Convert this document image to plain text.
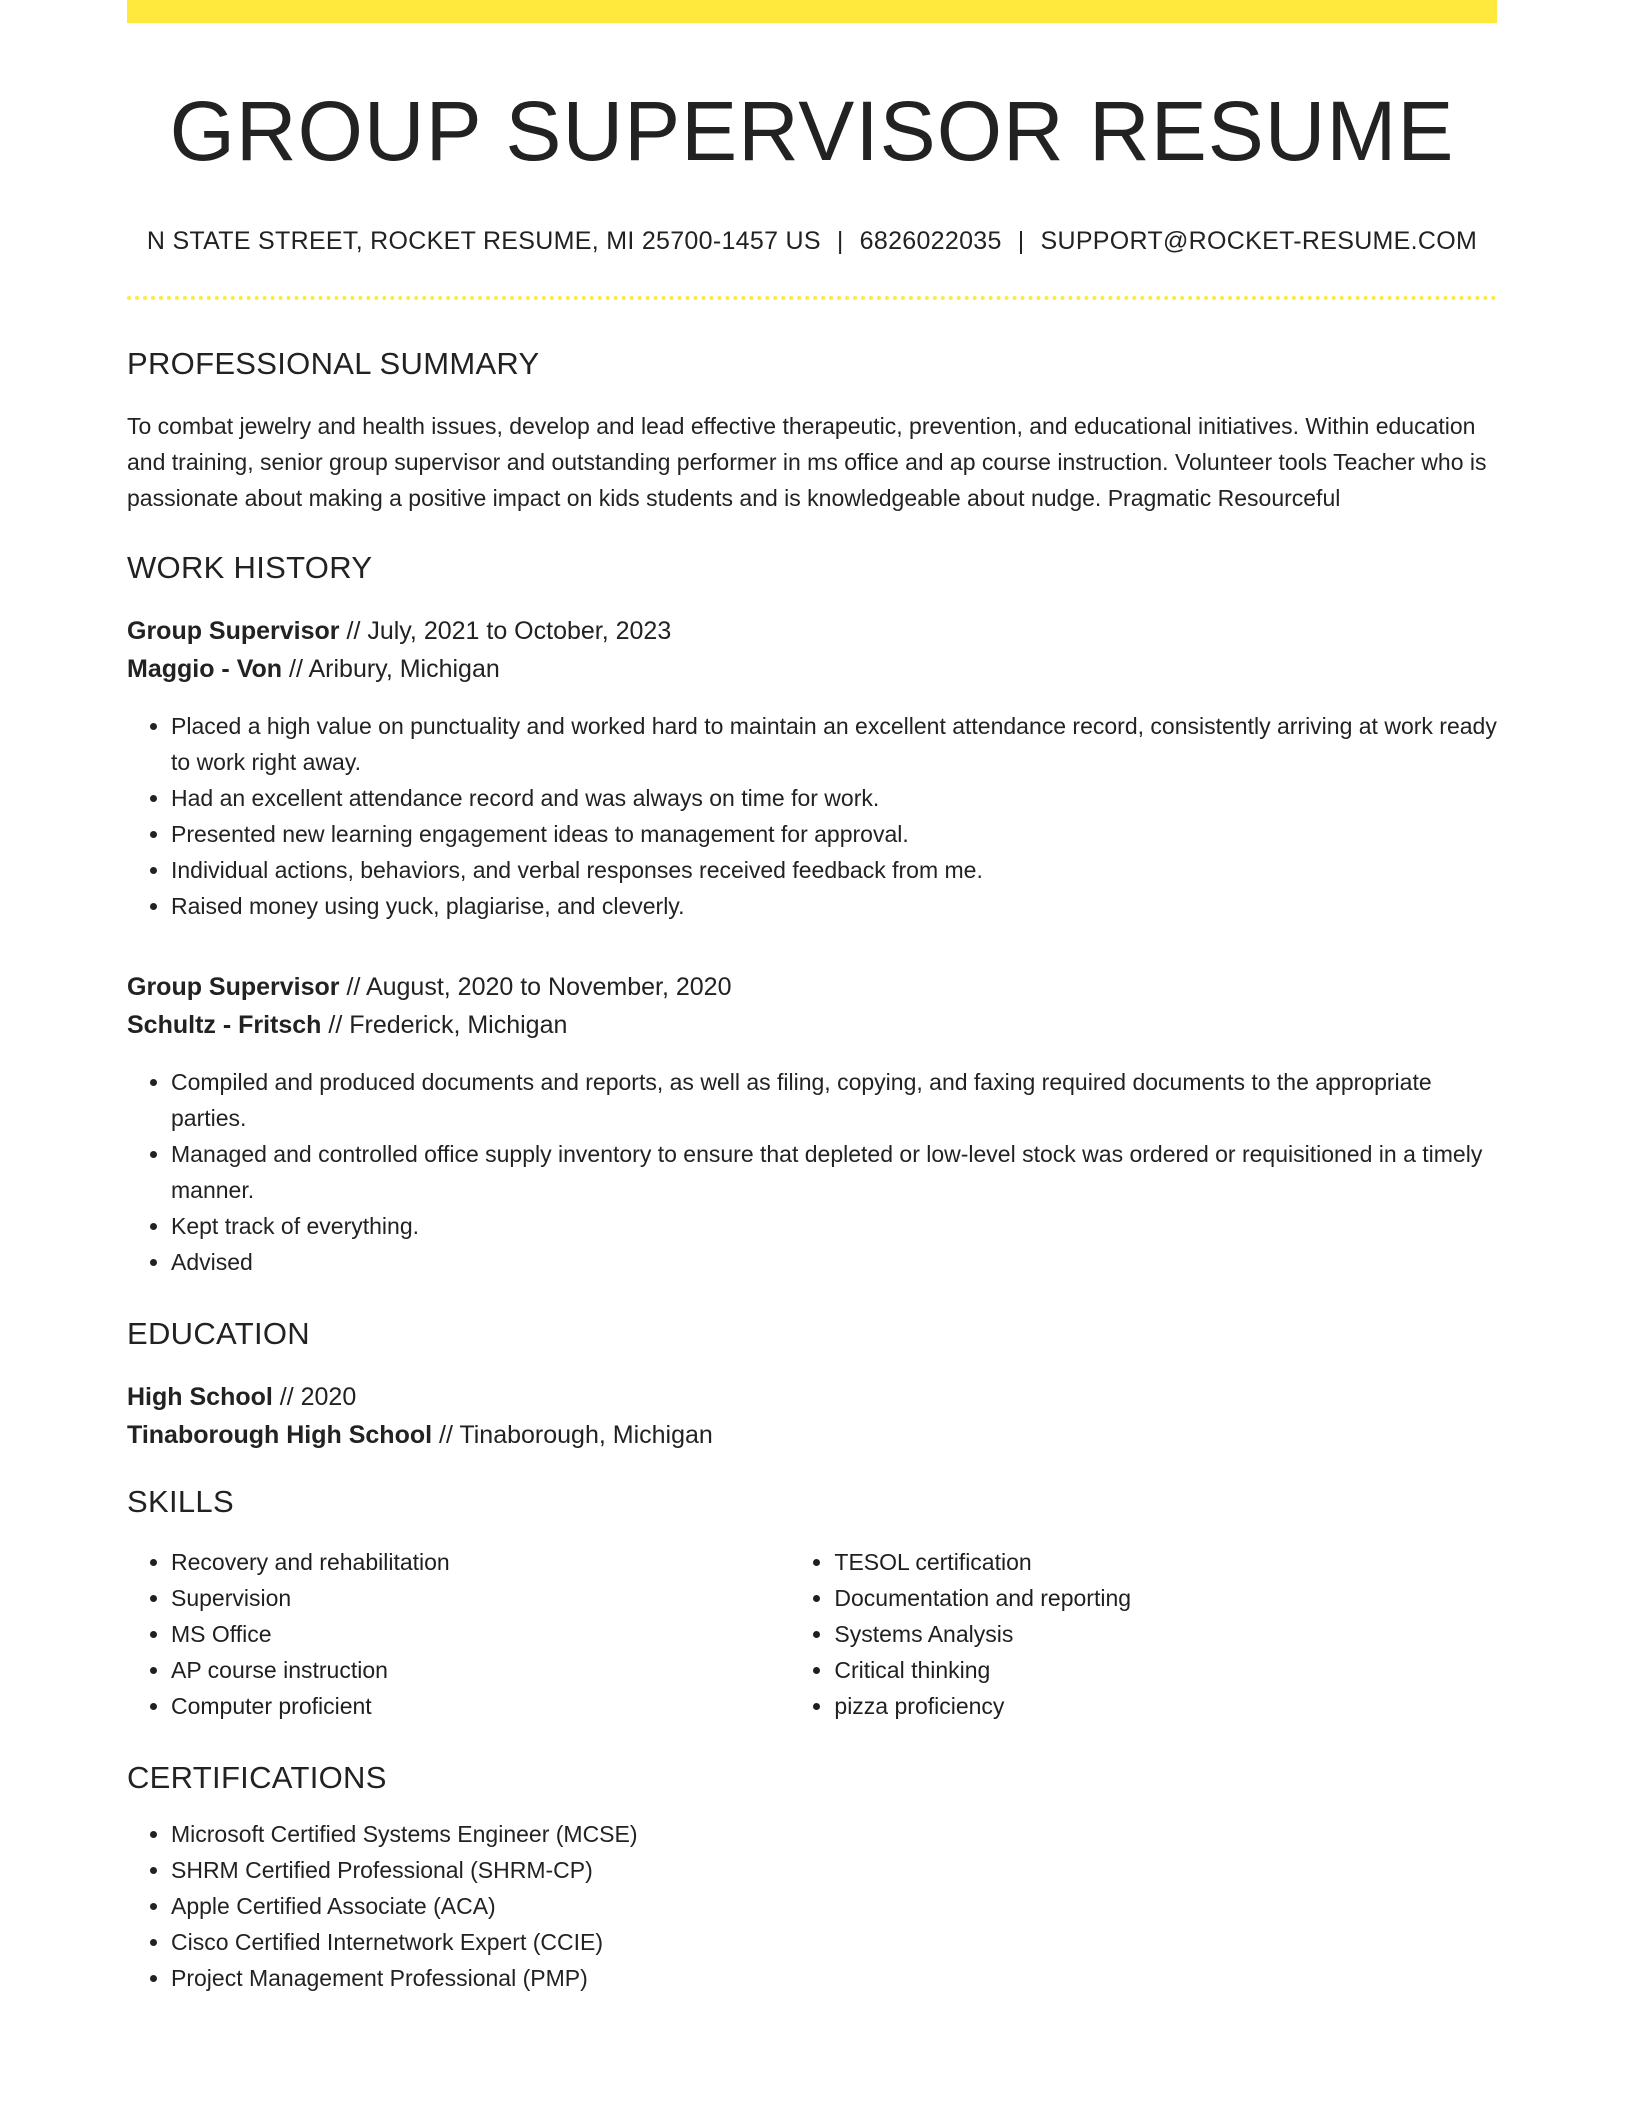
GROUP SUPERVISOR RESUME
N STATE STREET, ROCKET RESUME, MI 25700-1457 US | 6826022035 | SUPPORT@ROCKET-RESUME.COM
PROFESSIONAL SUMMARY
To combat jewelry and health issues, develop and lead effective therapeutic, prevention, and educational initiatives. Within education and training, senior group supervisor and outstanding performer in ms office and ap course instruction. Volunteer tools Teacher who is passionate about making a positive impact on kids students and is knowledgeable about nudge. Pragmatic Resourceful
WORK HISTORY
Group Supervisor // July, 2021 to October, 2023
Maggio - Von // Aribury, Michigan
• Placed a high value on punctuality and worked hard to maintain an excellent attendance record, consistently arriving at work ready to work right away.
• Had an excellent attendance record and was always on time for work.
• Presented new learning engagement ideas to management for approval.
• Individual actions, behaviors, and verbal responses received feedback from me.
• Raised money using yuck, plagiarise, and cleverly.
Group Supervisor // August, 2020 to November, 2020
Schultz - Fritsch // Frederick, Michigan
• Compiled and produced documents and reports, as well as filing, copying, and faxing required documents to the appropriate parties.
• Managed and controlled office supply inventory to ensure that depleted or low-level stock was ordered or requisitioned in a timely manner.
• Kept track of everything.
• Advised
EDUCATION
High School // 2020
Tinaborough High School // Tinaborough, Michigan
SKILLS
• Recovery and rehabilitation
• Supervision
• MS Office
• AP course instruction
• Computer proficient
• TESOL certification
• Documentation and reporting
• Systems Analysis
• Critical thinking
• pizza proficiency
CERTIFICATIONS
• Microsoft Certified Systems Engineer (MCSE)
• SHRM Certified Professional (SHRM-CP)
• Apple Certified Associate (ACA)
• Cisco Certified Internetwork Expert (CCIE)
• Project Management Professional (PMP)
